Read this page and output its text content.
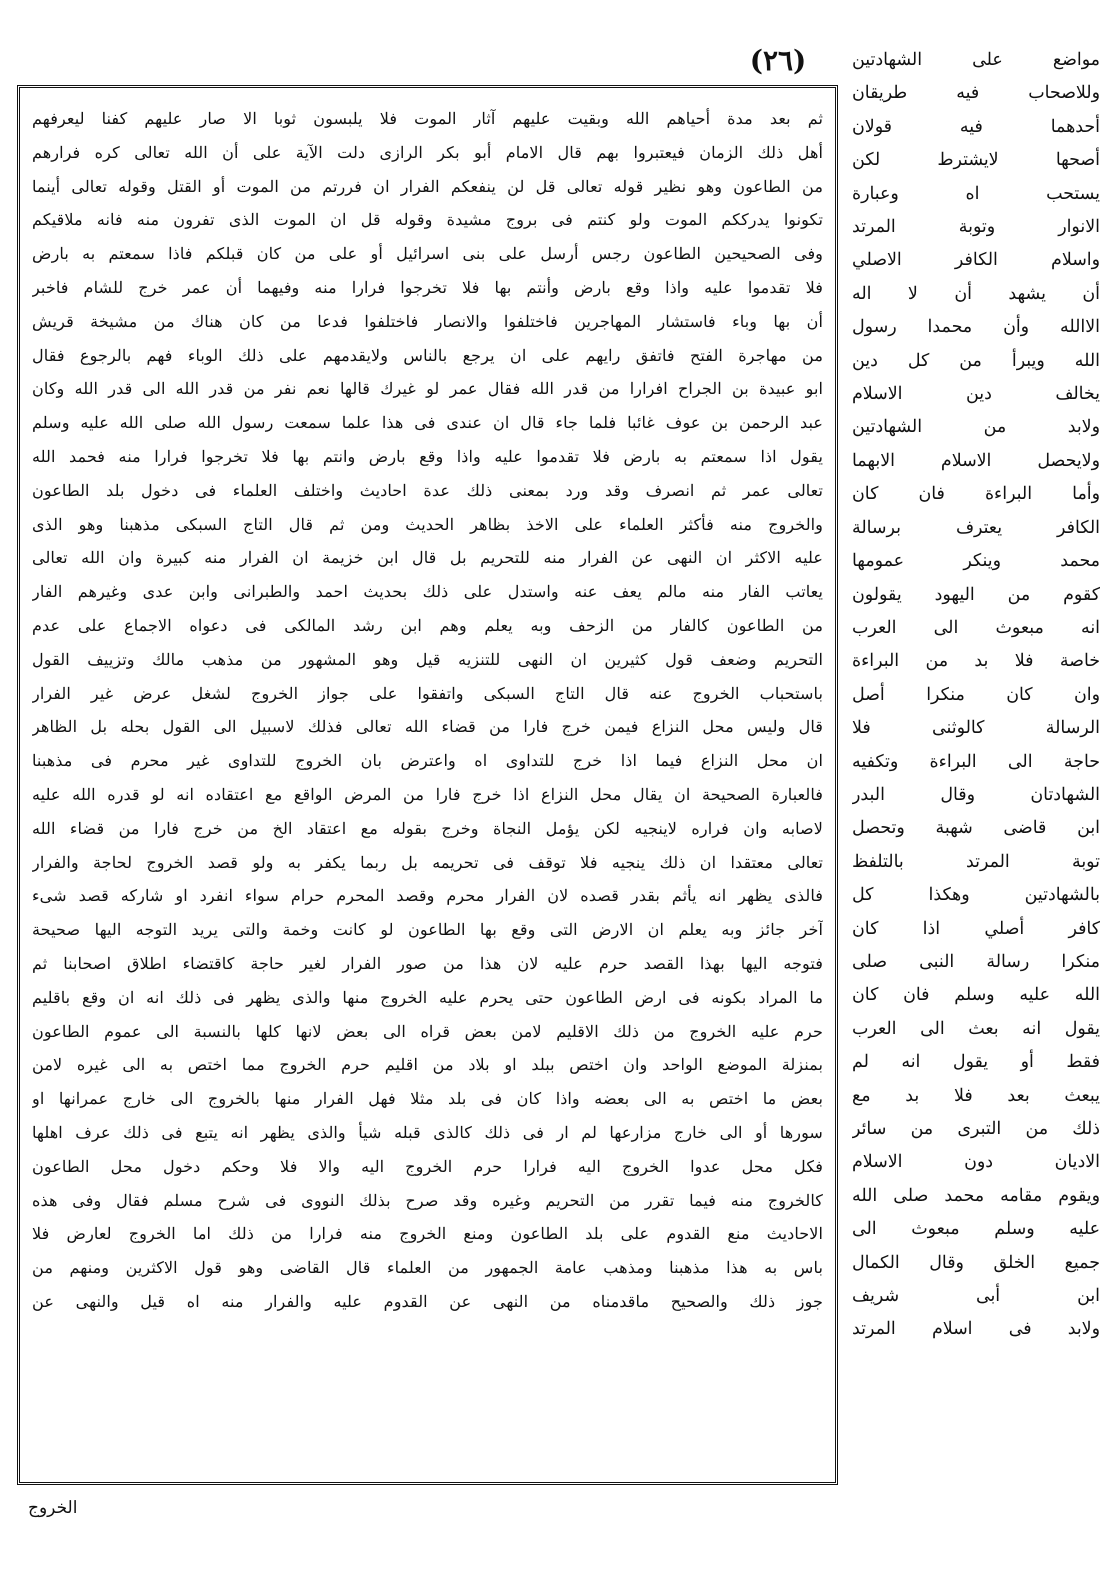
(٢٦)	مواضع على الشهادتين
وللاصحاب فيه طريقان
أحدهما فيه قولان
أصحها لايشترط لكن
يستحب اه وعبارة
الانوار وتوبة المرتد
واسلام الكافر الاصلي
أن يشهد أن لا اله
الاالله وأن محمدا رسول
الله ويبرأ من كل دين
يخالف دين الاسلام
ولابد من الشهادتين
ولايحصل الاسلام الابهما
وأما البراءة فان كان
الكافر يعترف برسالة
محمد وينكر عمومها
كقوم من اليهود يقولون
انه مبعوث الى العرب
خاصة فلا بد من البراءة
وان كان منكرا أصل
الرسالة كالوثنى فلا
حاجة الى البراءة وتكفيه
الشهادتان وقال البدر
ابن قاضى شهبة وتحصل
توبة المرتد بالتلفظ
بالشهادتين وهكذا كل
كافر أصلي اذا كان
منكرا رسالة النبى صلى
الله عليه وسلم فان كان
يقول انه بعث الى العرب
فقط أو يقول انه لم
يبعث بعد فلا بد مع
ذلك من التبرى من سائر
الاديان دون الاسلام
ويقوم مقامه محمد صلى الله
عليه وسلم مبعوث الى
جميع الخلق وقال الكمال
ابن أبى شريف
ولابد فى اسلام المرتد
ثم بعد مدة أحياهم الله وبقيت عليهم آثار الموت فلا يلبسون ثوبا الا صار عليهم كفنا ليعرفهم
أهل ذلك الزمان فيعتبروا بهم قال الامام أبو بكر الرازى دلت الآية على أن الله تعالى كره فرارهم
من الطاعون وهو نظير قوله تعالى قل لن ينفعكم الفرار ان فررتم من الموت أو القتل وقوله تعالى أينما
تكونوا يدرككم الموت ولو كنتم فى بروج مشيدة وقوله قل ان الموت الذى تفرون منه فانه ملاقيكم
وفى الصحيحين الطاعون رجس أرسل على بنى اسرائيل أو على من كان قبلكم فاذا سمعتم به بارض
فلا تقدموا عليه واذا وقع بارض وأنتم بها فلا تخرجوا فرارا منه وفيهما أن عمر خرج للشام فاخبر
أن بها وباء فاستشار المهاجرين فاختلفوا والانصار فاختلفوا فدعا من كان هناك من مشيخة قريش
من مهاجرة الفتح فاتفق رايهم على ان يرجع بالناس ولايقدمهم على ذلك الوباء فهم بالرجوع فقال
ابو عبيدة بن الجراح افرارا من قدر الله فقال عمر لو غيرك قالها نعم نفر من قدر الله الى قدر الله وكان
عبد الرحمن بن عوف غائبا فلما جاء قال ان عندى فى هذا علما سمعت رسول الله صلى الله عليه وسلم
يقول اذا سمعتم به بارض فلا تقدموا عليه واذا وقع بارض وانتم بها فلا تخرجوا فرارا منه فحمد الله
تعالى عمر ثم انصرف وقد ورد بمعنى ذلك عدة احاديث واختلف العلماء فى دخول بلد الطاعون
والخروج منه فأكثر العلماء على الاخذ بظاهر الحديث ومن ثم قال التاج السبكى مذهبنا وهو الذى
عليه الاكثر ان النهى عن الفرار منه للتحريم بل قال ابن خزيمة ان الفرار منه كبيرة وان الله تعالى
يعاتب الفار منه مالم يعف عنه واستدل على ذلك بحديث احمد والطبرانى وابن عدى وغيرهم الفار
من الطاعون كالفار من الزحف وبه يعلم وهم ابن رشد المالكى فى دعواه الاجماع على عدم
التحريم وضعف قول كثيرين ان النهى للتنزيه قيل وهو المشهور من مذهب مالك وتزييف القول
باستحباب الخروج عنه قال التاج السبكى واتفقوا على جواز الخروج لشغل عرض غير الفرار
قال وليس محل النزاع فيمن خرج فارا من قضاء الله تعالى فذلك لاسبيل الى القول بحله بل الظاهر
ان محل النزاع فيما اذا خرج للتداوى اه واعترض بان الخروج للتداوى غير محرم فى مذهبنا
فالعبارة الصحيحة ان يقال محل النزاع اذا خرج فارا من المرض الواقع مع اعتقاده انه لو قدره الله عليه
لاصابه وان فراره لاينجيه لكن يؤمل النجاة وخرج بقوله مع اعتقاد الخ من خرج فارا من قضاء الله
تعالى معتقدا ان ذلك ينجيه فلا توقف فى تحريمه بل ربما يكفر به ولو قصد الخروج لحاجة والفرار
فالذى يظهر انه يأثم بقدر قصده لان الفرار محرم وقصد المحرم حرام سواء انفرد او شاركه قصد شىء
آخر جائز وبه يعلم ان الارض التى وقع بها الطاعون لو كانت وخمة والتى يريد التوجه اليها صحيحة
فتوجه اليها بهذا القصد حرم عليه لان هذا من صور الفرار لغير حاجة كاقتضاء اطلاق اصحابنا ثم
ما المراد بكونه فى ارض الطاعون حتى يحرم عليه الخروج منها والذى يظهر فى ذلك انه ان وقع باقليم
حرم عليه الخروج من ذلك الاقليم لامن بعض قراه الى بعض لانها كلها بالنسبة الى عموم الطاعون
بمنزلة الموضع الواحد وان اختص ببلد او بلاد من اقليم حرم الخروج مما اختص به الى غيره لامن
بعض ما اختص به الى بعضه واذا كان فى بلد مثلا فهل الفرار منها بالخروج الى خارج عمرانها او
سورها أو الى خارج مزارعها لم ار فى ذلك كالذى قبله شيأ والذى يظهر انه يتبع فى ذلك عرف اهلها
فكل محل عدوا الخروج اليه فرارا حرم الخروج اليه والا فلا وحكم دخول محل الطاعون
كالخروج منه فيما تقرر من التحريم وغيره وقد صرح بذلك النووى فى شرح مسلم فقال وفى هذه
الاحاديث منع القدوم على بلد الطاعون ومنع الخروج منه فرارا من ذلك اما الخروج لعارض فلا
باس به هذا مذهبنا ومذهب عامة الجمهور من العلماء قال القاضى وهو قول الاكثرين ومنهم من
جوز ذلك والصحيح ماقدمناه من النهى عن القدوم عليه والفرار منه اه قيل والنهى عن
الخروج
